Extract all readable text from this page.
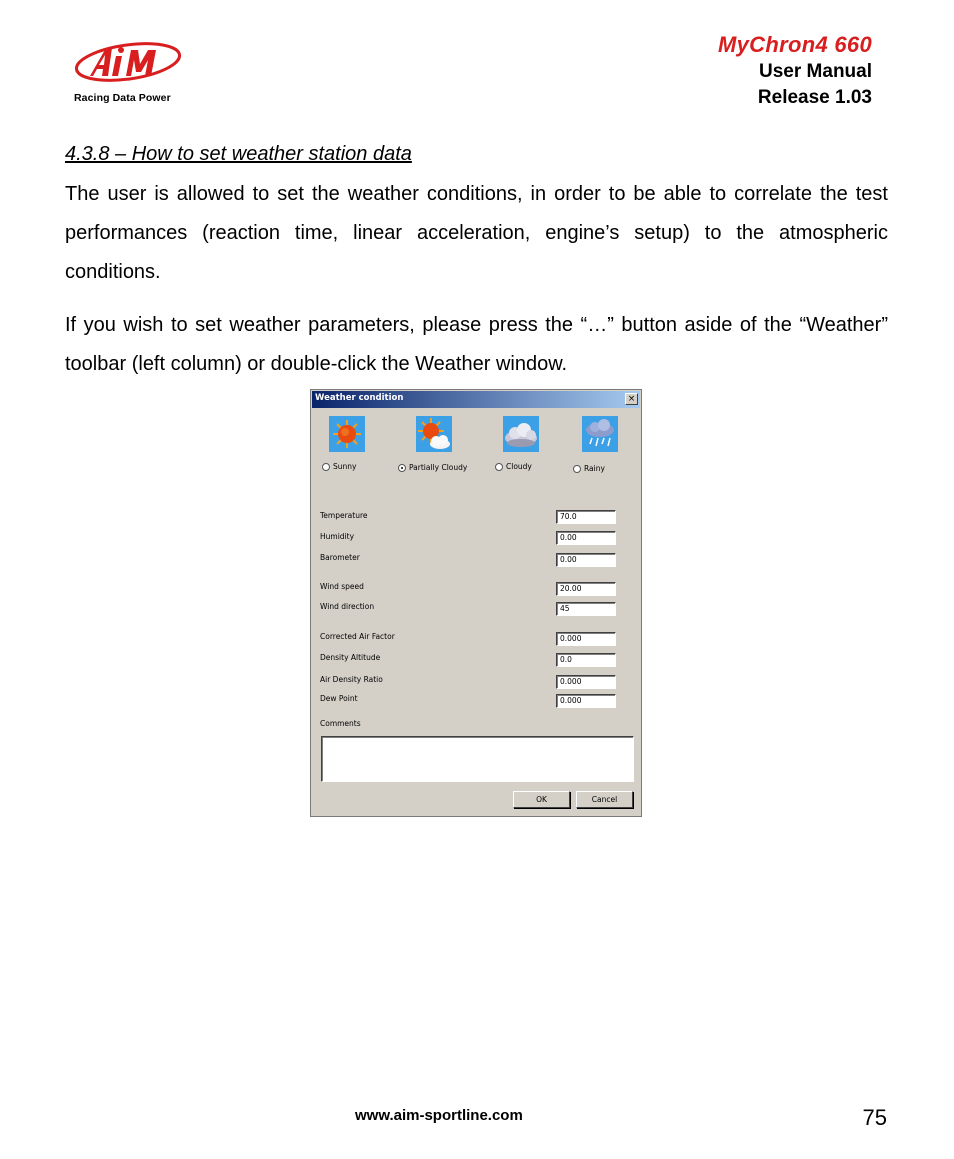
Racing Data Power
MyChron4 660
User Manual
Release 1.03
4.3.8 – How to set weather station data
The user is allowed to set the weather conditions, in order to be able to correlate the test performances (reaction time, linear acceleration, engine’s setup) to the atmospheric conditions.
If you wish to set weather parameters, please press the “…” button aside of the “Weather” toolbar (left column) or double-click the Weather window.
Weather condition	×
Sunny	Partially Cloudy	Cloudy	Rainy
Temperature	70.0
Humidity	0.00
Barometer	0.00
Wind speed	20.00
Wind direction	45
Corrected Air Factor	0.000
Density Altitude	0.0
Air Density Ratio	0.000
Dew Point	0.000
Comments
OK	Cancel
www.aim-sportline.com	75
